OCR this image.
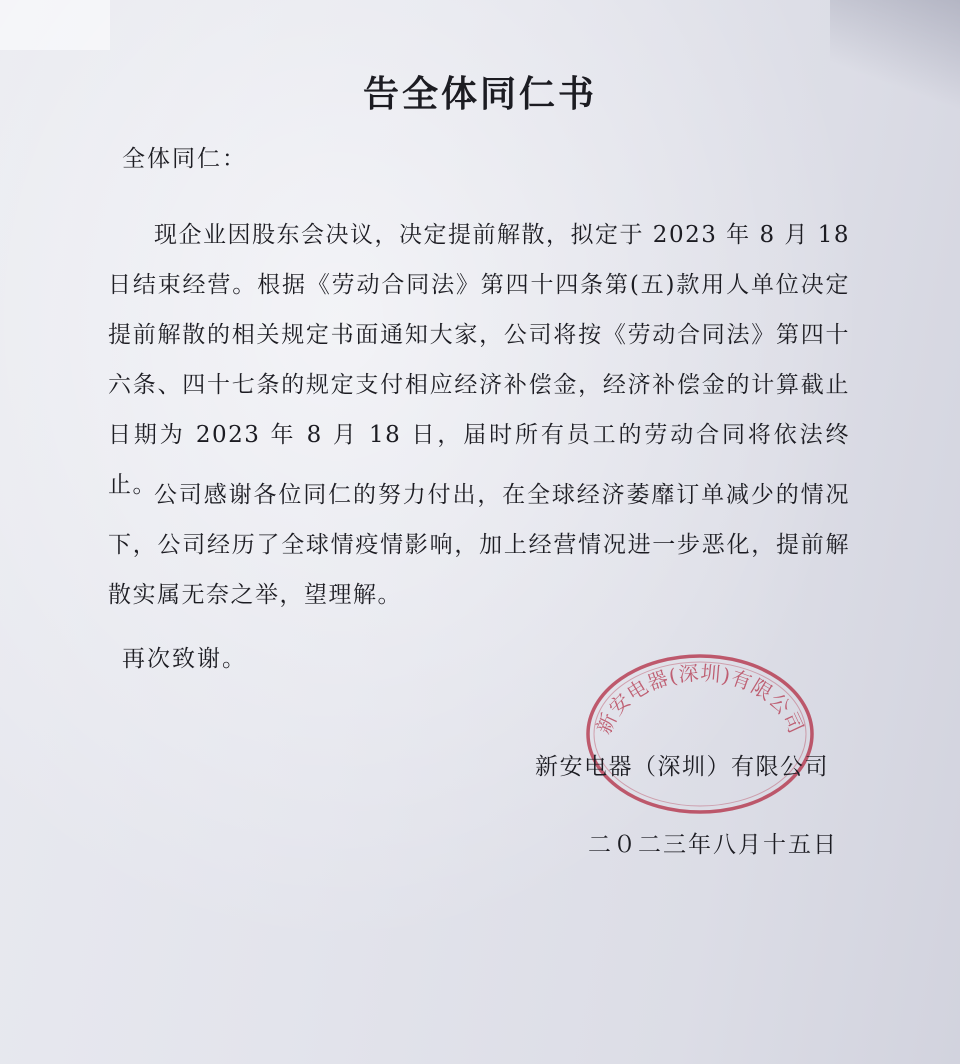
告全体同仁书

全体同仁：

现企业因股东会决议，决定提前解散，拟定于 2023 年 8 月 18 日结束经营。根据《劳动合同法》第四十四条第(五)款用人单位决定提前解散的相关规定书面通知大家，公司将按《劳动合同法》第四十六条、四十七条的规定支付相应经济补偿金，经济补偿金的计算截止日期为 2023 年 8 月 18 日，届时所有员工的劳动合同将依法终止。

公司感谢各位同仁的努力付出，在全球经济萎靡订单减少的情况下，公司经历了全球情疫情影响，加上经营情况进一步恶化，提前解散实属无奈之举，望理解。

再次致谢。

新安电器(深圳)有限公司

新安电器（深圳）有限公司

二０二三年八月十五日
